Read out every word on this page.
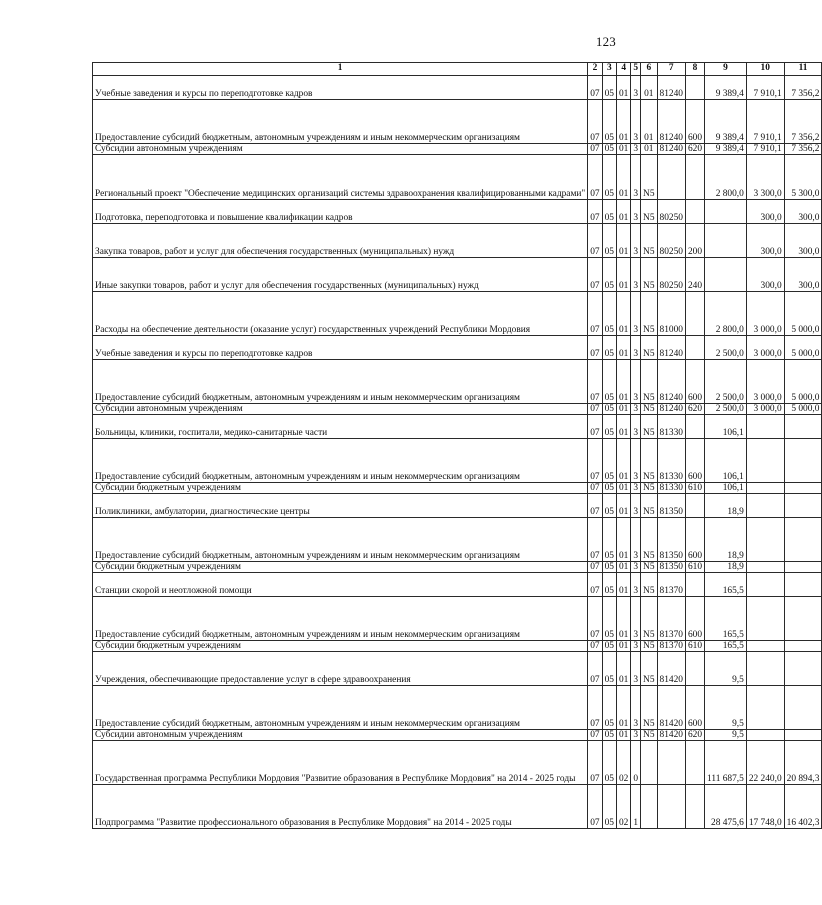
123
1	2	3	4	5	6	7	8	9	10	11
Учебные заведения и курсы по переподготовке кадров	07	05	01	3	01	81240		9 389,4	7 910,1	7 356,2
Предоставление субсидий бюджетным, автономным учреждениям и иным некоммерческим организациям	07	05	01	3	01	81240	600	9 389,4	7 910,1	7 356,2
Субсидии автономным учреждениям	07	05	01	3	01	81240	620	9 389,4	7 910,1	7 356,2
Региональный проект "Обеспечение медицинских организаций системы здравоохранения квалифицированными кадрами"	07	05	01	3	N5			2 800,0	3 300,0	5 300,0
Подготовка, переподготовка и повышение квалификации кадров	07	05	01	3	N5	80250			300,0	300,0
Закупка товаров, работ и услуг для обеспечения государственных (муниципальных) нужд	07	05	01	3	N5	80250	200		300,0	300,0
Иные закупки товаров, работ и услуг для обеспечения государственных (муниципальных) нужд	07	05	01	3	N5	80250	240		300,0	300,0
Расходы на обеспечение деятельности (оказание услуг) государственных учреждений Республики Мордовия	07	05	01	3	N5	81000		2 800,0	3 000,0	5 000,0
Учебные заведения и курсы по переподготовке кадров	07	05	01	3	N5	81240		2 500,0	3 000,0	5 000,0
Предоставление субсидий бюджетным, автономным учреждениям и иным некоммерческим организациям	07	05	01	3	N5	81240	600	2 500,0	3 000,0	5 000,0
Субсидии автономным учреждениям	07	05	01	3	N5	81240	620	2 500,0	3 000,0	5 000,0
Больницы, клиники, госпитали, медико-санитарные части	07	05	01	3	N5	81330		106,1		
Предоставление субсидий бюджетным, автономным учреждениям и иным некоммерческим организациям	07	05	01	3	N5	81330	600	106,1		
Субсидии бюджетным учреждениям	07	05	01	3	N5	81330	610	106,1		
Поликлиники, амбулатории, диагностические центры	07	05	01	3	N5	81350		18,9		
Предоставление субсидий бюджетным, автономным учреждениям и иным некоммерческим организациям	07	05	01	3	N5	81350	600	18,9		
Субсидии бюджетным учреждениям	07	05	01	3	N5	81350	610	18,9		
Станции скорой и неотложной помощи	07	05	01	3	N5	81370		165,5		
Предоставление субсидий бюджетным, автономным учреждениям и иным некоммерческим организациям	07	05	01	3	N5	81370	600	165,5		
Субсидии бюджетным учреждениям	07	05	01	3	N5	81370	610	165,5		
Учреждения, обеспечивающие предоставление услуг в сфере здравоохранения	07	05	01	3	N5	81420		9,5		
Предоставление субсидий бюджетным, автономным учреждениям и иным некоммерческим организациям	07	05	01	3	N5	81420	600	9,5		
Субсидии автономным учреждениям	07	05	01	3	N5	81420	620	9,5		
Государственная программа Республики Мордовия "Развитие образования в Республике Мордовия" на 2014 - 2025 годы	07	05	02	0				111 687,5	22 240,0	20 894,3
Подпрограмма "Развитие профессионального образования в Республике Мордовия" на 2014 - 2025 годы	07	05	02	1				28 475,6	17 748,0	16 402,3
